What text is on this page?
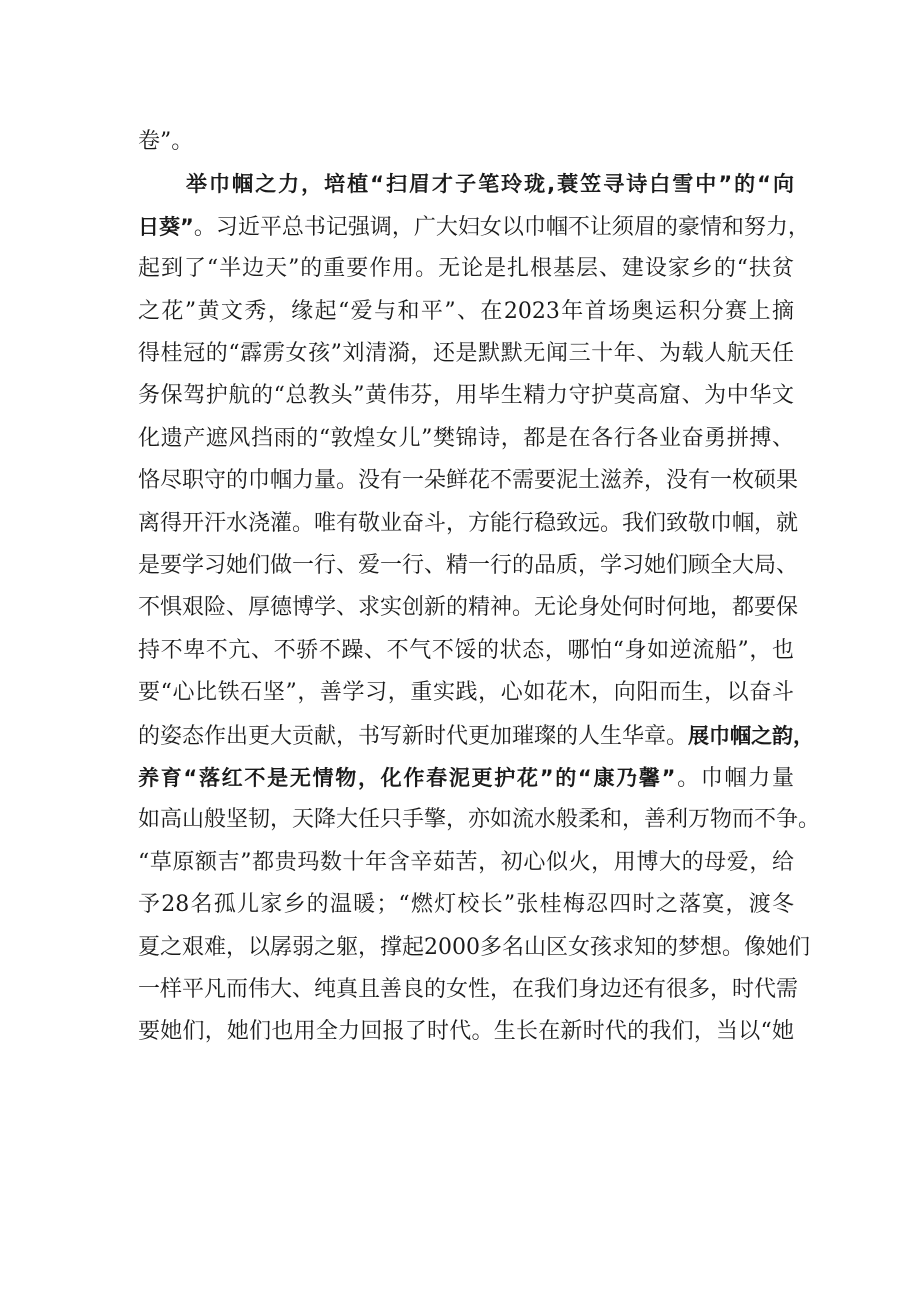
卷”。
举巾帼之力，培植“扫眉才子笔玲珑,蓑笠寻诗白雪中”的“向
日葵”。习近平总书记强调，广大妇女以巾帼不让须眉的豪情和努力，
起到了“半边天”的重要作用。无论是扎根基层、建设家乡的“扶贫
之花”黄文秀，缘起“爱与和平”、在2023年首场奥运积分赛上摘
得桂冠的“霹雳女孩”刘清漪，还是默默无闻三十年、为载人航天任
务保驾护航的“总教头”黄伟芬，用毕生精力守护莫高窟、为中华文
化遗产遮风挡雨的“敦煌女儿”樊锦诗，都是在各行各业奋勇拼搏、
恪尽职守的巾帼力量。没有一朵鲜花不需要泥土滋养，没有一枚硕果
离得开汗水浇灌。唯有敬业奋斗，方能行稳致远。我们致敬巾帼，就
是要学习她们做一行、爱一行、精一行的品质，学习她们顾全大局、
不惧艰险、厚德博学、求实创新的精神。无论身处何时何地，都要保
持不卑不亢、不骄不躁、不气不馁的状态，哪怕“身如逆流船”，也
要“心比铁石坚”，善学习，重实践，心如花木，向阳而生，以奋斗
的姿态作出更大贡献，书写新时代更加璀璨的人生华章。展巾帼之韵，
养育“落红不是无情物，化作春泥更护花”的“康乃馨”。巾帼力量
如高山般坚韧，天降大任只手擎，亦如流水般柔和，善利万物而不争。
“草原额吉”都贵玛数十年含辛茹苦，初心似火，用博大的母爱，给
予28名孤儿家乡的温暖；“燃灯校长”张桂梅忍四时之落寞，渡冬
夏之艰难，以孱弱之躯，撑起2000多名山区女孩求知的梦想。像她们
一样平凡而伟大、纯真且善良的女性，在我们身边还有很多，时代需
要她们，她们也用全力回报了时代。生长在新时代的我们，当以“她
